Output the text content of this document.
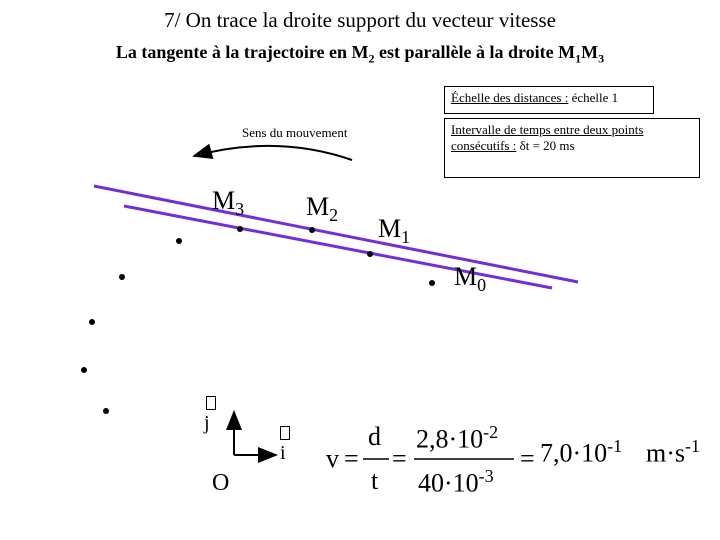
7/ On trace la droite support du vecteur vitesse
La tangente à la trajectoire en $M_2$ est parallèle à la droite $M_1M_3$
Échelle des distances : échelle 1
Intervalle de temps entre deux points consécutifs : δt = 20 ms
Sens du mouvement
$M_3$ $M_2$ $M_1$
$M_0$
j
i
O
v =
d
t
=
$2,8\cdot 10^{-2}$
$40\cdot 10^{-3}$
= $7,0\cdot 10^{-1}$ $m\cdot s^{-1}$
